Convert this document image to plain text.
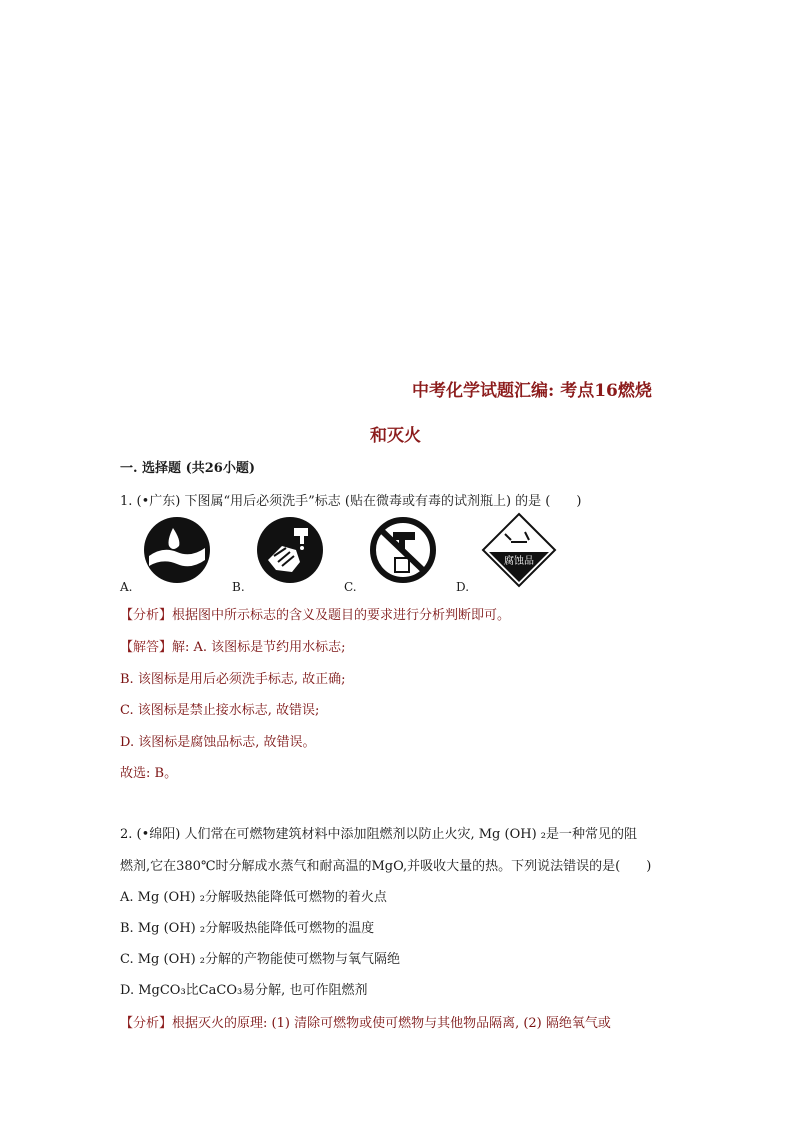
中考化学试题汇编: 考点16燃烧
和灭火
一. 选择题 (共26小题)
1. (•广东) 下图属“用后必须洗手”标志 (贴在微毒或有毒的试剂瓶上) 的是 (　　)
腐蚀品
A.	B.	C.	D.
【分析】根据图中所示标志的含义及题目的要求进行分析判断即可。
【解答】解: A. 该图标是节约用水标志;
B. 该图标是用后必须洗手标志, 故正确;
C. 该图标是禁止接水标志, 故错误;
D. 该图标是腐蚀品标志, 故错误。
故选: B。
2. (•绵阳) 人们常在可燃物建筑材料中添加阻燃剂以防止火灾, Mg (OH) ₂是一种常见的阻
燃剂,它在380℃时分解成水蒸气和耐高温的MgO,并吸收大量的热。下列说法错误的是(　　)
A. Mg (OH) ₂分解吸热能降低可燃物的着火点
B. Mg (OH) ₂分解吸热能降低可燃物的温度
C. Mg (OH) ₂分解的产物能使可燃物与氧气隔绝
D. MgCO₃比CaCO₃易分解, 也可作阻燃剂
【分析】根据灭火的原理: (1) 清除可燃物或使可燃物与其他物品隔离, (2) 隔绝氧气或
